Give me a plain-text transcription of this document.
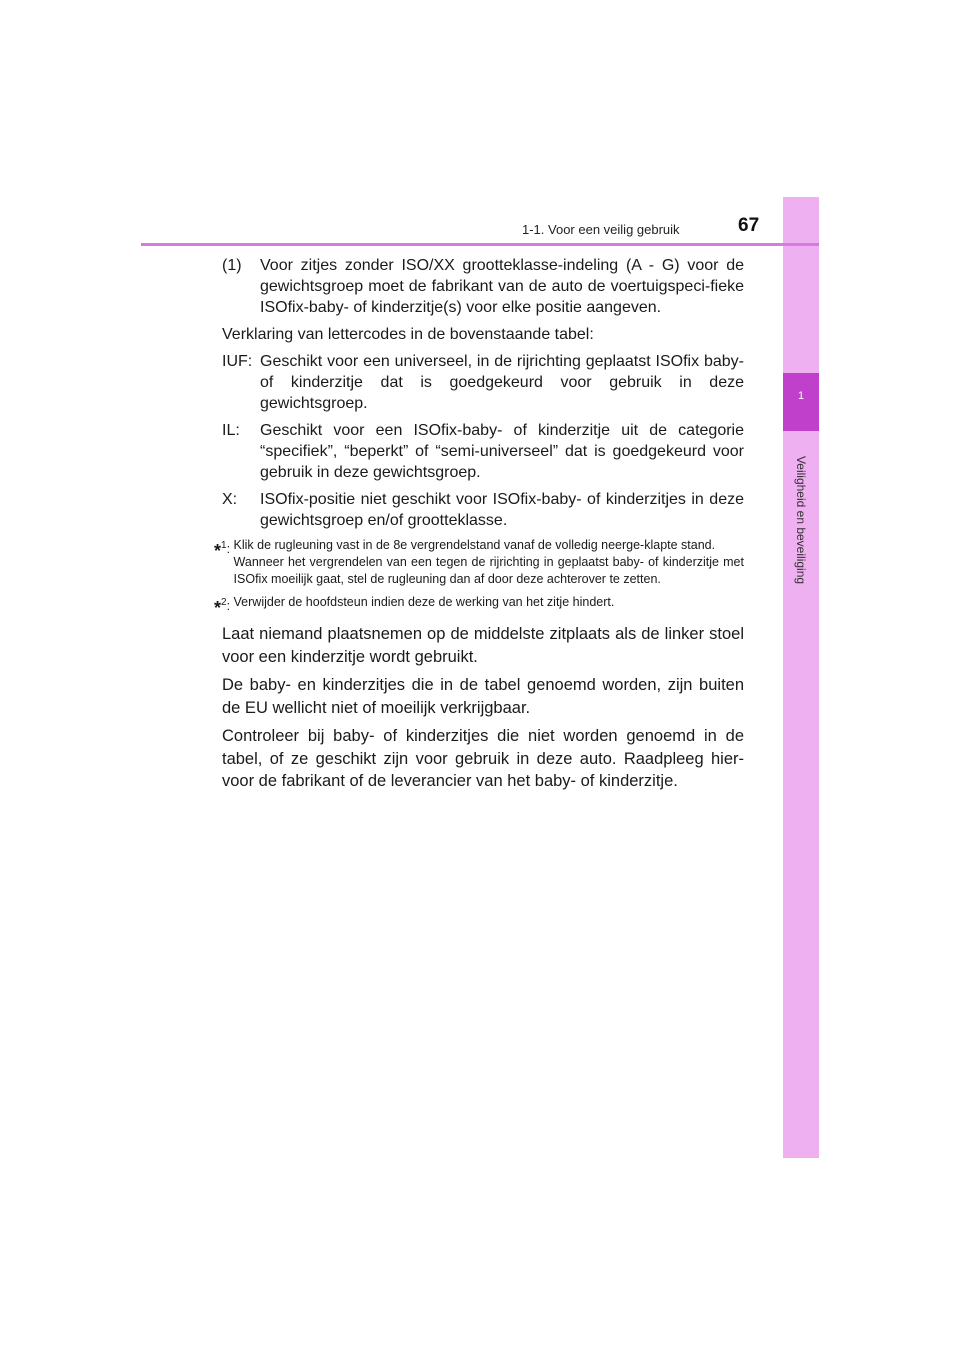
1
Veiligheid en beveiliging
1-1. Voor een veilig gebruik	67
(1)	Voor zitjes zonder ISO/XX grootteklasse-indeling (A - G) voor de gewichtsgroep moet de fabrikant van de auto de voertuigspeci-fieke ISOfix-baby- of kinderzitje(s) voor elke positie aangeven.

Verklaring van lettercodes in de bovenstaande tabel:

IUF: Geschikt voor een universeel, in de rijrichting geplaatst ISOfix baby- of kinderzitje dat is goedgekeurd voor gebruik in deze gewichtsgroep.
IL:	Geschikt voor een ISOfix-baby- of kinderzitje uit de categorie “specifiek”, “beperkt” of “semi-universeel” dat is goedgekeurd voor gebruik in deze gewichtsgroep.
X:	ISOfix-positie niet geschikt voor ISOfix-baby- of kinderzitjes in deze gewichtsgroep en/of grootteklasse.
*$^1$: Klik de rugleuning vast in de 8e vergrendelstand vanaf de volledig neerge-klapte stand.

Wanneer het vergrendelen van een tegen de rijrichting in geplaatst baby- of kinderzitje met ISOfix moeilijk gaat, stel de rugleuning dan af door deze achterover te zetten.

*$^2$: Verwijder de hoofdsteun indien deze de werking van het zitje hindert.

Laat niemand plaatsnemen op de middelste zitplaats als de linker stoel voor een kinderzitje wordt gebruikt.

De baby- en kinderzitjes die in de tabel genoemd worden, zijn buiten de EU wellicht niet of moeilijk verkrijgbaar.

Controleer bij baby- of kinderzitjes die niet worden genoemd in de tabel, of ze geschikt zijn voor gebruik in deze auto. Raadpleeg hier-voor de fabrikant of de leverancier van het baby- of kinderzitje.
